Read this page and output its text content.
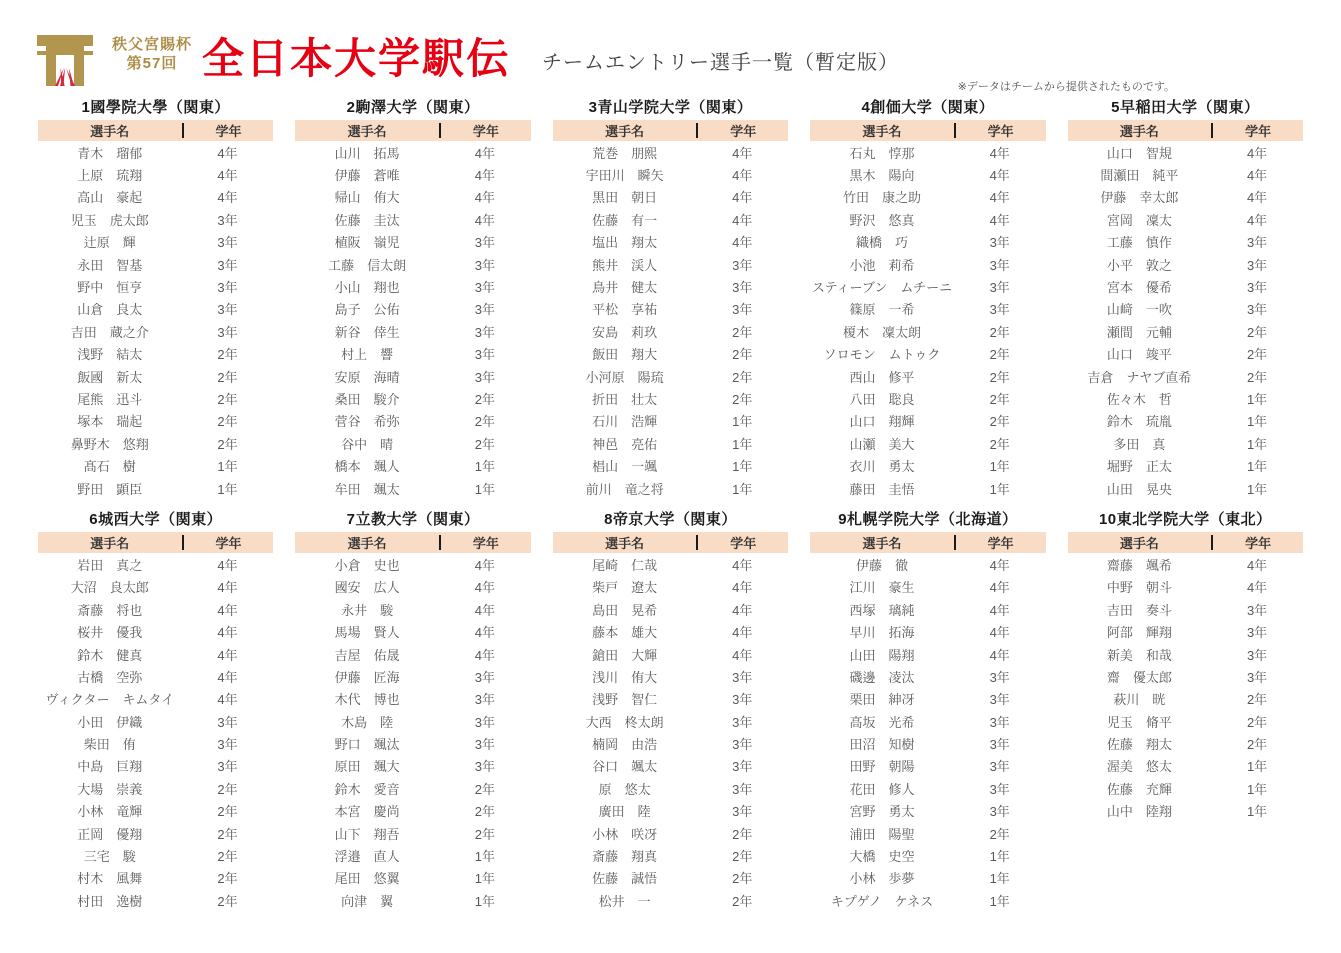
秩父宮賜杯
第57回 全日本大学駅伝 チームエントリー選手一覧（暫定版）
※データはチームから提供されたものです。
1國學院大學（関東）
選手名	学年
青木　瑠郁	4年
上原　琉翔	4年
高山　豪起	4年
児玉　虎太郎	3年
辻原　輝	3年
永田　智基	3年
野中　恒亨	3年
山倉　良太	3年
吉田　蔵之介	3年
浅野　結太	2年
飯國　新太	2年
尾熊　迅斗	2年
塚本　瑞起	2年
鼻野木　悠翔	2年
髙石　樹	1年
野田　顕臣	1年
2駒澤大学（関東）
選手名	学年
山川　拓馬	4年
伊藤　蒼唯	4年
帰山　侑大	4年
佐藤　圭汰	4年
植阪　嶺児	3年
工藤　信太朗	3年
小山　翔也	3年
島子　公佑	3年
新谷　倖生	3年
村上　響	3年
安原　海晴	3年
桑田　駿介	2年
菅谷　希弥	2年
谷中　晴	2年
橋本　颯人	1年
牟田　颯太	1年
3青山学院大学（関東）
選手名	学年
荒巻　朋熙	4年
宇田川　瞬矢	4年
黒田　朝日	4年
佐藤　有一	4年
塩出　翔太	4年
熊井　渓人	3年
鳥井　健太	3年
平松　享祐	3年
安島　莉玖	2年
飯田　翔大	2年
小河原　陽琉	2年
折田　壮太	2年
石川　浩輝	1年
神邑　亮佑	1年
椙山　一颯	1年
前川　竜之将	1年
4創価大学（関東）
選手名	学年
石丸　惇那	4年
黒木　陽向	4年
竹田　康之助	4年
野沢　悠真	4年
織橋　巧	3年
小池　莉希	3年
スティーブン　ムチーニ	3年
篠原　一希	3年
榎木　凜太朗	2年
ソロモン　ムトゥク	2年
西山　修平	2年
八田　聡良	2年
山口　翔輝	2年
山瀬　美大	2年
衣川　勇太	1年
藤田　圭悟	1年
5早稲田大学（関東）
選手名	学年
山口　智規	4年
間瀬田　純平	4年
伊藤　幸太郎	4年
宮岡　凜太	4年
工藤　慎作	3年
小平　敦之	3年
宮本　優希	3年
山﨑　一吹	3年
瀬間　元輔	2年
山口　竣平	2年
吉倉　ナヤブ直希	2年
佐々木　哲	1年
鈴木　琉胤	1年
多田　真	1年
堀野　正太	1年
山田　晃央	1年
6城西大学（関東）
選手名	学年
岩田　真之	4年
大沼　良太郎	4年
斎藤　将也	4年
桜井　優我	4年
鈴木　健真	4年
古橋　空弥	4年
ヴィクター　キムタイ	4年
小田　伊織	3年
柴田　侑	3年
中島　巨翔	3年
大場　崇義	2年
小林　竜輝	2年
正岡　優翔	2年
三宅　駿	2年
村木　風舞	2年
村田　逸樹	2年
7立教大学（関東）
選手名	学年
小倉　史也	4年
國安　広人	4年
永井　駿	4年
馬場　賢人	4年
吉屋　佑晟	4年
伊藤　匠海	3年
木代　博也	3年
木島　陸	3年
野口　颯汰	3年
原田　颯大	3年
鈴木　愛音	2年
本宮　慶尚	2年
山下　翔吾	2年
浮邉　直人	1年
尾田　悠翼	1年
向津　翼	1年
8帝京大学（関東）
選手名	学年
尾崎　仁哉	4年
柴戸　遼太	4年
島田　晃希	4年
藤本　雄大	4年
鎗田　大輝	4年
浅川　侑大	3年
浅野　智仁	3年
大西　柊太朗	3年
楠岡　由浩	3年
谷口　颯太	3年
原　悠太	3年
廣田　陸	3年
小林　咲冴	2年
斎藤　翔真	2年
佐藤　誠悟	2年
松井　一	2年
9札幌学院大学（北海道）
選手名	学年
伊藤　徹	4年
江川　豪生	4年
西塚　璃純	4年
早川　拓海	4年
山田　陽翔	4年
磯邊　凌汰	3年
栗田　紳冴	3年
高坂　光希	3年
田沼　知樹	3年
田野　朝陽	3年
花田　修人	3年
宮野　勇太	3年
浦田　陽聖	2年
大橋　史空	1年
小林　歩夢	1年
キプゲノ　ケネス	1年
10東北学院大学（東北）
選手名	学年
齋藤　颯希	4年
中野　朝斗	4年
吉田　奏斗	3年
阿部　輝翔	3年
新美　和哉	3年
齋　優太郎	3年
萩川　晄	2年
児玉　脩平	2年
佐藤　翔太	2年
渥美　悠太	1年
佐藤　充輝	1年
山中　陸翔	1年
